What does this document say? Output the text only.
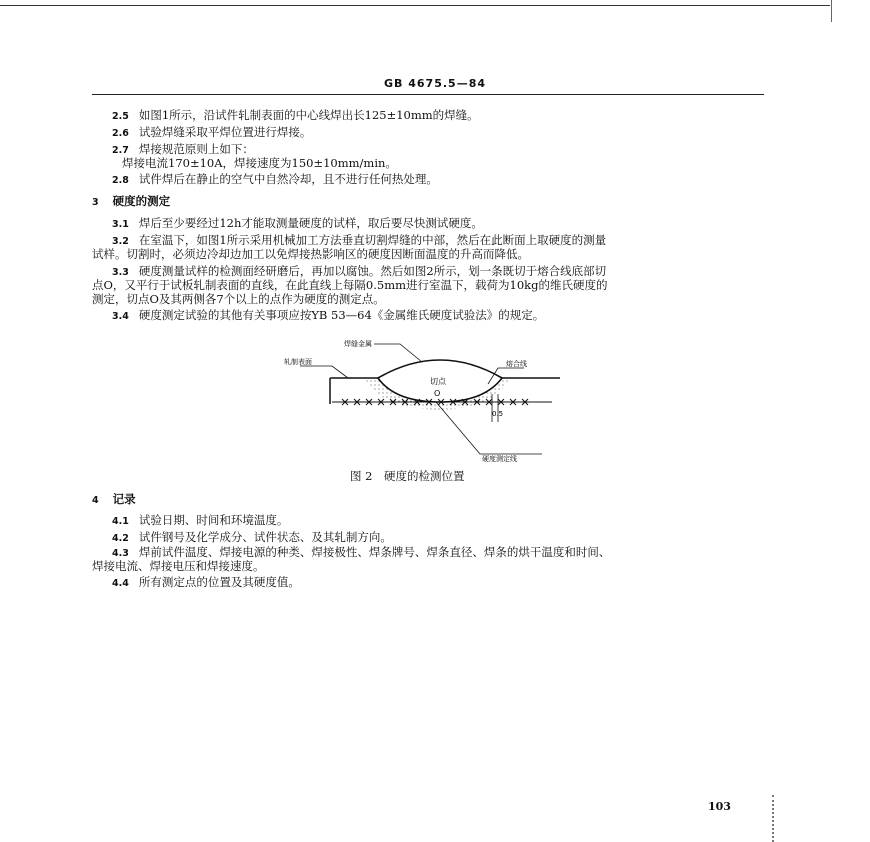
GB 4675.5—84
2.5 如图1所示，沿试件轧制表面的中心线焊出长125±10mm的焊缝。
2.6 试验焊缝采取平焊位置进行焊接。
2.7 焊接规范原则上如下：
焊接电流170±10A，焊接速度为150±10mm/min。
2.8 试件焊后在静止的空气中自然冷却，且不进行任何热处理。
3 硬度的测定
3.1 焊后至少要经过12h才能取测量硬度的试样，取后要尽快测试硬度。
3.2 在室温下，如图1所示采用机械加工方法垂直切割焊缝的中部，然后在此断面上取硬度的测量
试样。切割时，必须边冷却边加工以免焊接热影响区的硬度因断面温度的升高而降低。
3.3 硬度测量试样的检测面经研磨后，再加以腐蚀。然后如图2所示，划一条既切于熔合线底部切
点O，又平行于试板轧制表面的直线，在此直线上每隔0.5mm进行室温下，载荷为10kg的维氏硬度的
测定，切点O及其两侧各7个以上的点作为硬度的测定点。
3.4 硬度测定试验的其他有关事项应按YB 53—64《金属维氏硬度试验法》的规定。
0.5
焊缝金属
轧制表面	熔合线
切点
O
硬度测定线
图 2　硬度的检测位置
4 记录
4.1 试验日期、时间和环境温度。
4.2 试件钢号及化学成分、试件状态、及其轧制方向。
4.3 焊前试件温度、焊接电源的种类、焊接极性、焊条牌号、焊条直径、焊条的烘干温度和时间、
焊接电流、焊接电压和焊接速度。
4.4 所有测定点的位置及其硬度值。
103
